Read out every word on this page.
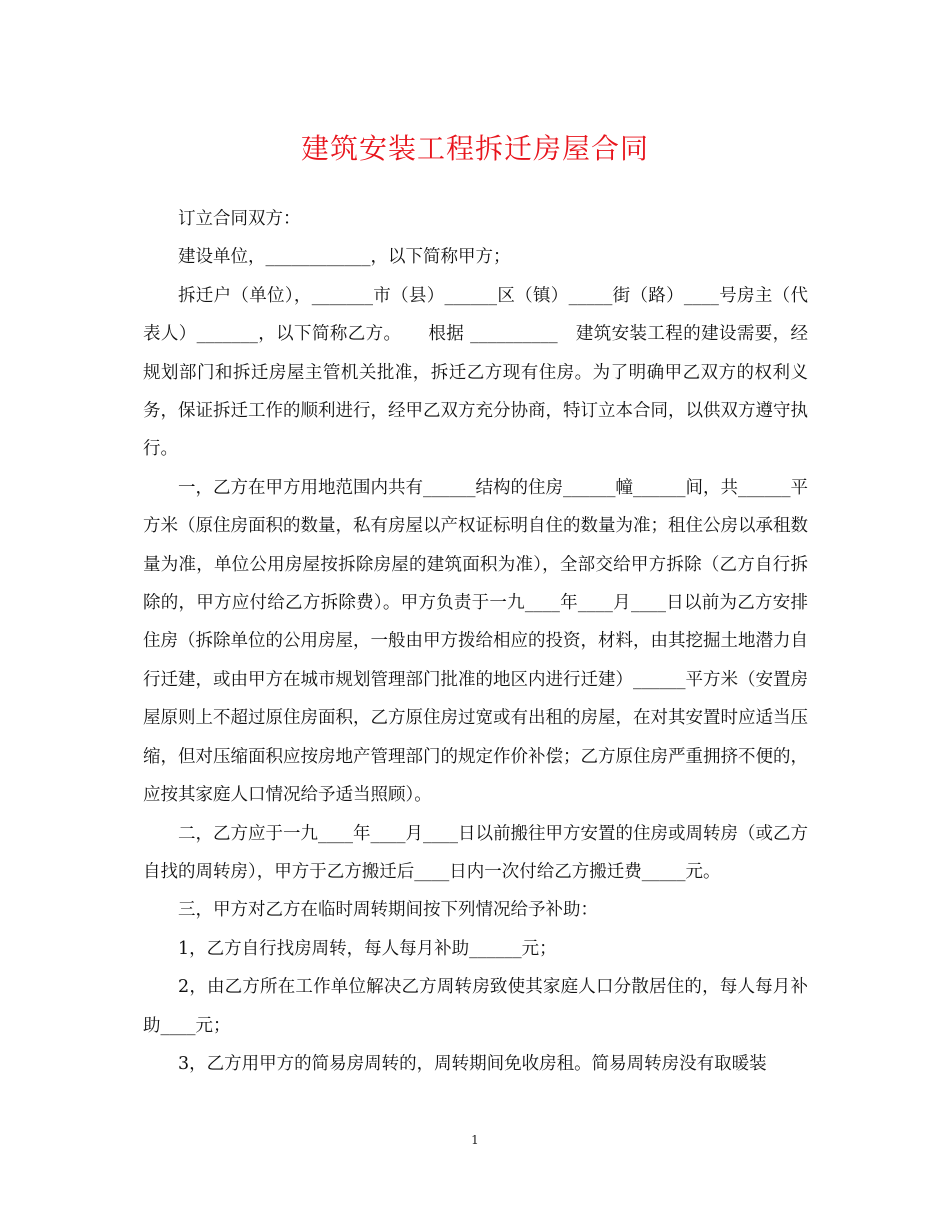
建筑安装工程拆迁房屋合同

订立合同双方：

建设单位，____________，以下简称甲方；

拆迁户（单位），_______市（县）______区（镇）_____街（路）____号房主（代表人）_______，以下简称乙方。　　根据 __________　建筑安装工程的建设需要，经规划部门和拆迁房屋主管机关批准，拆迁乙方现有住房。为了明确甲乙双方的权利义务，保证拆迁工作的顺利进行，经甲乙双方充分协商，特订立本合同，以供双方遵守执行。

一，乙方在甲方用地范围内共有______结构的住房______幢______间，共______平方米（原住房面积的数量，私有房屋以产权证标明自住的数量为准；租住公房以承租数量为准，单位公用房屋按拆除房屋的建筑面积为准），全部交给甲方拆除（乙方自行拆除的，甲方应付给乙方拆除费）。甲方负责于一九____年____月____日以前为乙方安排住房（拆除单位的公用房屋，一般由甲方拨给相应的投资，材料，由其挖掘土地潜力自行迁建，或由甲方在城市规划管理部门批准的地区内进行迁建）______平方米（安置房屋原则上不超过原住房面积，乙方原住房过宽或有出租的房屋，在对其安置时应适当压缩，但对压缩面积应按房地产管理部门的规定作价补偿；乙方原住房严重拥挤不便的，应按其家庭人口情况给予适当照顾）。

二，乙方应于一九____年____月____日以前搬往甲方安置的住房或周转房（或乙方自找的周转房），甲方于乙方搬迁后____日内一次付给乙方搬迁费_____元。

三，甲方对乙方在临时周转期间按下列情况给予补助：

1，乙方自行找房周转，每人每月补助______元；

2，由乙方所在工作单位解决乙方周转房致使其家庭人口分散居住的，每人每月补助____元；

3，乙方用甲方的简易房周转的，周转期间免收房租。简易周转房没有取暖装

1
